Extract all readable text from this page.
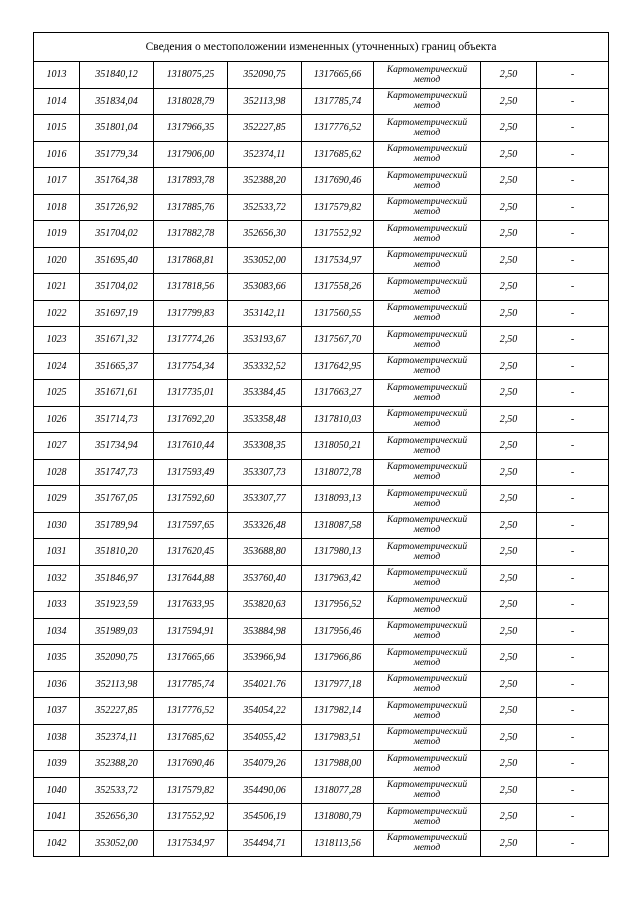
Сведения о местоположении измененных (уточненных) границ объекта							
1013	351840,12	1318075,25	352090,75	1317665,66	Картометрический метод	2,50	-
1014	351834,04	1318028,79	352113,98	1317785,74	Картометрический метод	2,50	-
1015	351801,04	1317966,35	352227,85	1317776,52	Картометрический метод	2,50	-
1016	351779,34	1317906,00	352374,11	1317685,62	Картометрический метод	2,50	-
1017	351764,38	1317893,78	352388,20	1317690,46	Картометрический метод	2,50	-
1018	351726,92	1317885,76	352533,72	1317579,82	Картометрический метод	2,50	-
1019	351704,02	1317882,78	352656,30	1317552,92	Картометрический метод	2,50	-
1020	351695,40	1317868,81	353052,00	1317534,97	Картометрический метод	2,50	-
1021	351704,02	1317818,56	353083,66	1317558,26	Картометрический метод	2,50	-
1022	351697,19	1317799,83	353142,11	1317560,55	Картометрический метод	2,50	-
1023	351671,32	1317774,26	353193,67	1317567,70	Картометрический метод	2,50	-
1024	351665,37	1317754,34	353332,52	1317642,95	Картометрический метод	2,50	-
1025	351671,61	1317735,01	353384,45	1317663,27	Картометрический метод	2,50	-
1026	351714,73	1317692,20	353358,48	1317810,03	Картометрический метод	2,50	-
1027	351734,94	1317610,44	353308,35	1318050,21	Картометрический метод	2,50	-
1028	351747,73	1317593,49	353307,73	1318072,78	Картометрический метод	2,50	-
1029	351767,05	1317592,60	353307,77	1318093,13	Картометрический метод	2,50	-
1030	351789,94	1317597,65	353326,48	1318087,58	Картометрический метод	2,50	-
1031	351810,20	1317620,45	353688,80	1317980,13	Картометрический метод	2,50	-
1032	351846,97	1317644,88	353760,40	1317963,42	Картометрический метод	2,50	-
1033	351923,59	1317633,95	353820,63	1317956,52	Картометрический метод	2,50	-
1034	351989,03	1317594,91	353884,98	1317956,46	Картометрический метод	2,50	-
1035	352090,75	1317665,66	353966,94	1317966,86	Картометрический метод	2,50	-
1036	352113,98	1317785,74	354021.76	1317977,18	Картометрический метод	2,50	-
1037	352227,85	1317776,52	354054,22	1317982,14	Картометрический метод	2,50	-
1038	352374,11	1317685,62	354055,42	1317983,51	Картометрический метод	2,50	-
1039	352388,20	1317690,46	354079,26	1317988,00	Картометрический метод	2,50	-
1040	352533,72	1317579,82	354490,06	1318077,28	Картометрический метод	2,50	-
1041	352656,30	1317552,92	354506,19	1318080,79	Картометрический метод	2,50	-
1042	353052,00	1317534,97	354494,71	1318113,56	Картометрический метод	2,50	-
